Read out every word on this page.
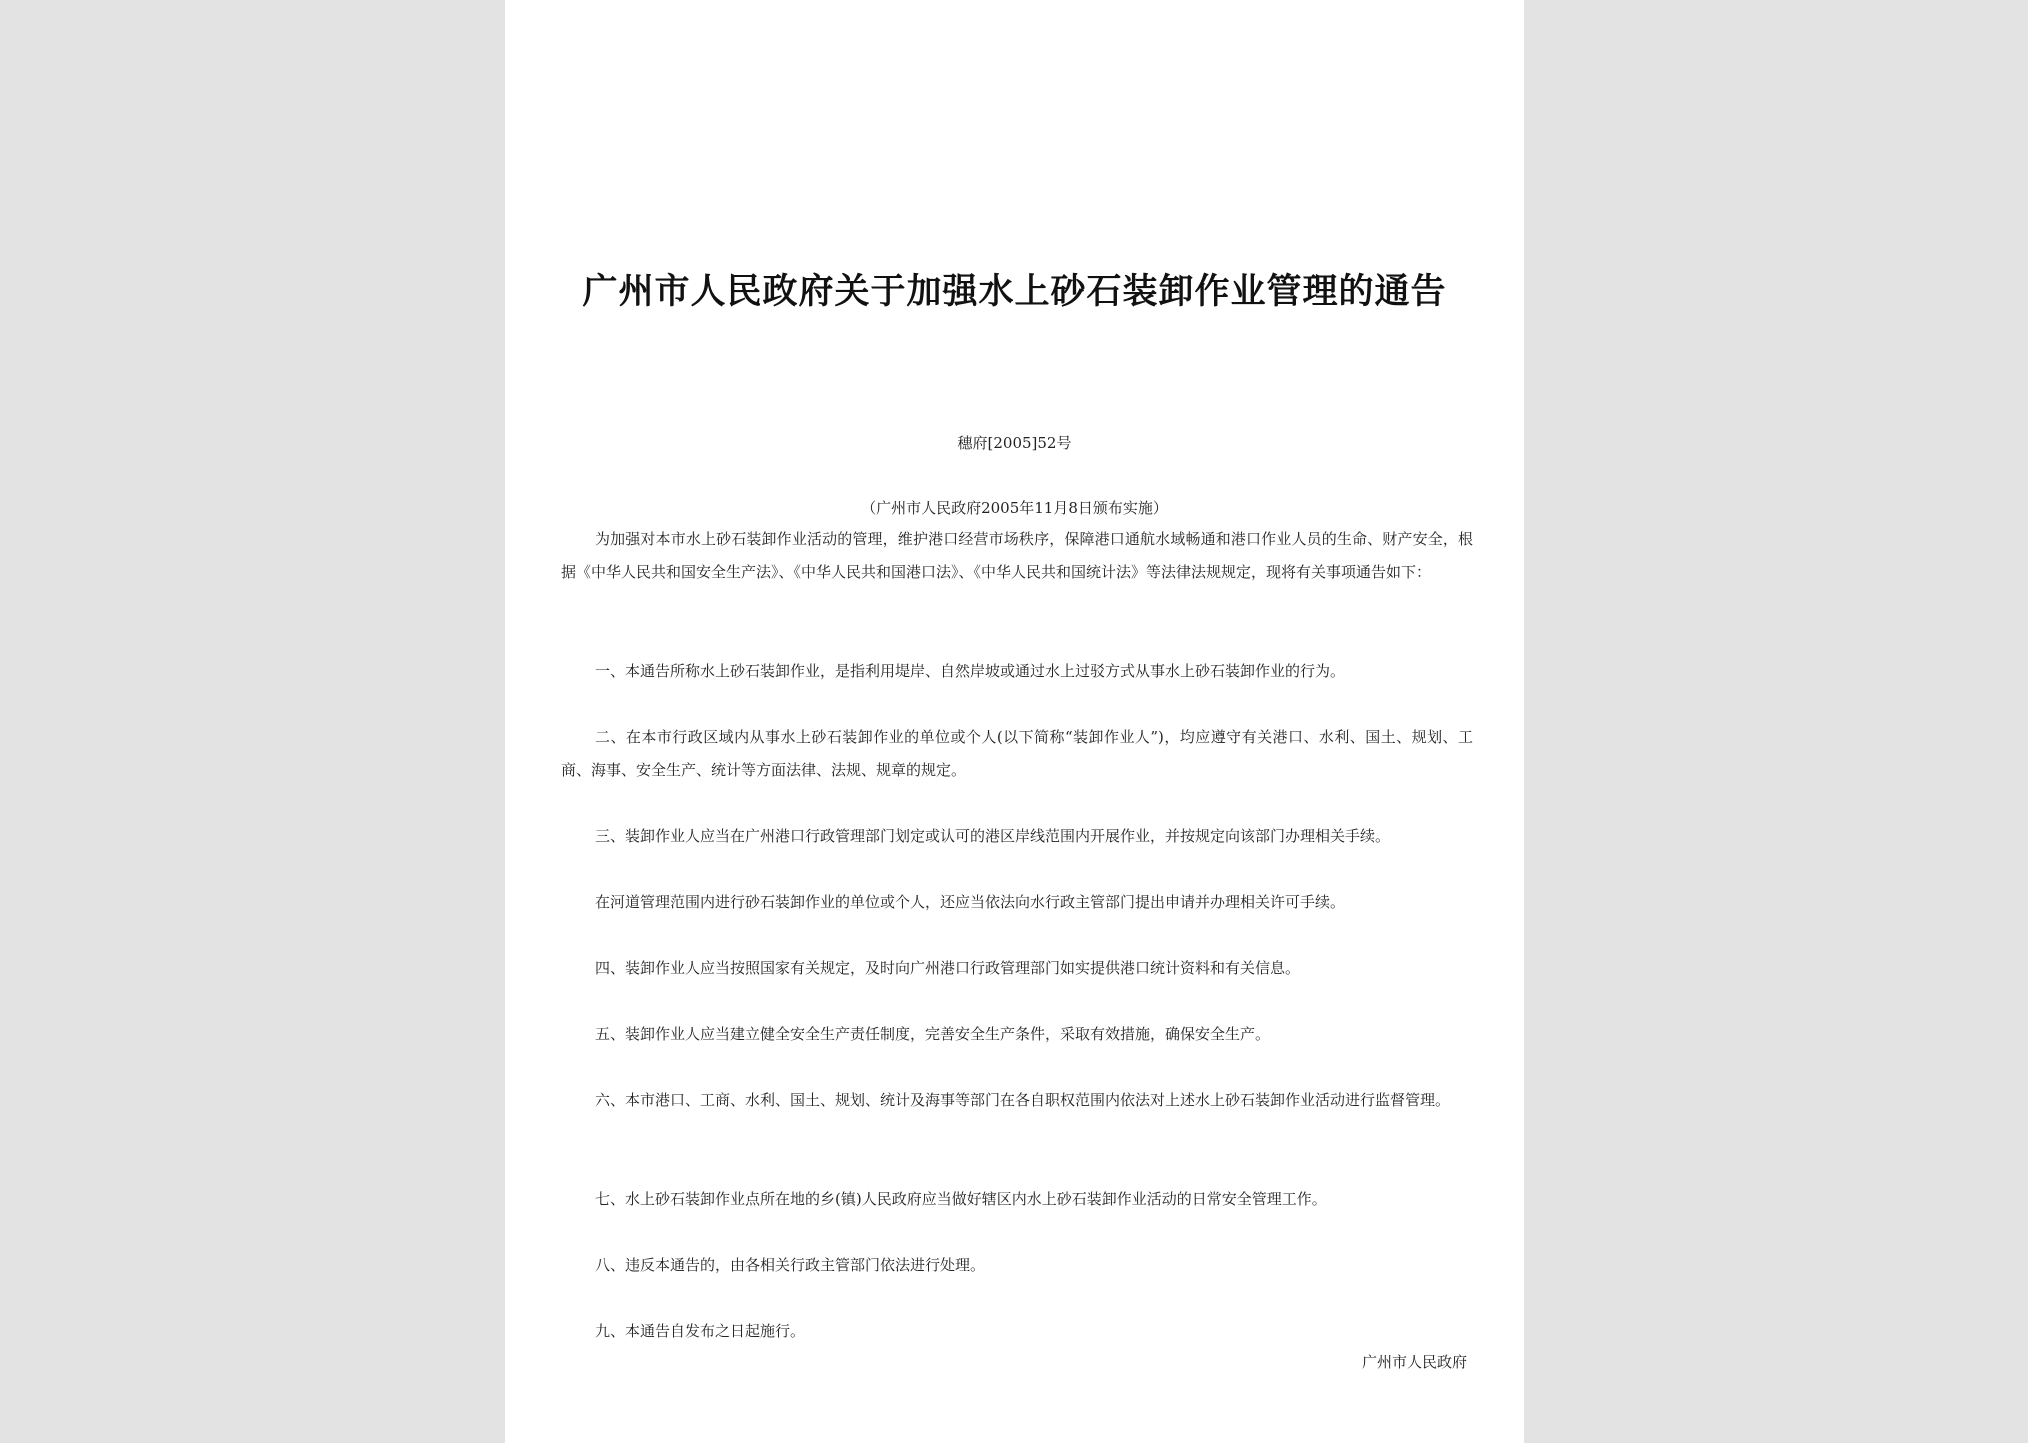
广州市人民政府关于加强水上砂石装卸作业管理的通告
穗府[2005]52号
（广州市人民政府2005年11月8日颁布实施）
为加强对本市水上砂石装卸作业活动的管理，维护港口经营市场秩序，保障港口通航水域畅通和港口作业人员的生命、财产安全，根据《中华人民共和国安全生产法》、《中华人民共和国港口法》、《中华人民共和国统计法》等法律法规规定，现将有关事项通告如下：
一、本通告所称水上砂石装卸作业，是指利用堤岸、自然岸坡或通过水上过驳方式从事水上砂石装卸作业的行为。
二、在本市行政区域内从事水上砂石装卸作业的单位或个人(以下简称“装卸作业人”)，均应遵守有关港口、水利、国土、规划、工商、海事、安全生产、统计等方面法律、法规、规章的规定。
三、装卸作业人应当在广州港口行政管理部门划定或认可的港区岸线范围内开展作业，并按规定向该部门办理相关手续。
在河道管理范围内进行砂石装卸作业的单位或个人，还应当依法向水行政主管部门提出申请并办理相关许可手续。
四、装卸作业人应当按照国家有关规定，及时向广州港口行政管理部门如实提供港口统计资料和有关信息。
五、装卸作业人应当建立健全安全生产责任制度，完善安全生产条件，采取有效措施，确保安全生产。
六、本市港口、工商、水利、国土、规划、统计及海事等部门在各自职权范围内依法对上述水上砂石装卸作业活动进行监督管理。
七、水上砂石装卸作业点所在地的乡(镇)人民政府应当做好辖区内水上砂石装卸作业活动的日常安全管理工作。
八、违反本通告的，由各相关行政主管部门依法进行处理。
九、本通告自发布之日起施行。
广州市人民政府
